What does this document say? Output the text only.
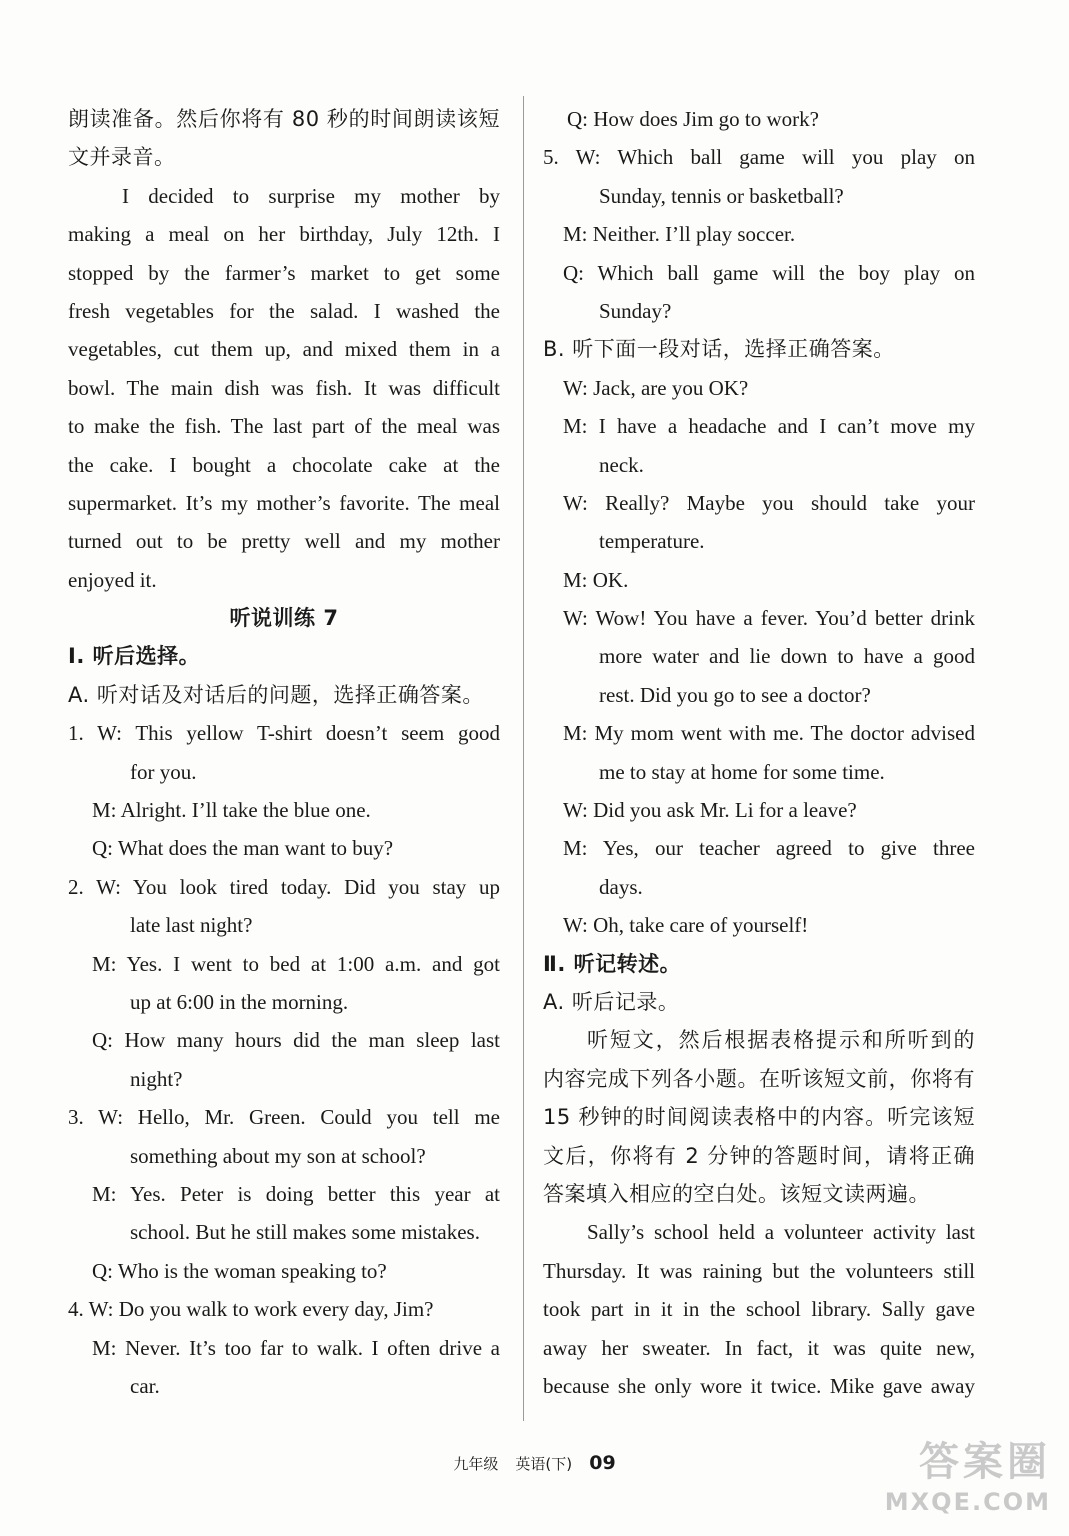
朗读准备。然后你将有 80 秒的时间朗读该短
文并录音。
I decided to surprise my mother by
making a meal on her birthday, July 12th. I
stopped by the farmer’s market to get some
fresh vegetables for the salad. I washed the
vegetables, cut them up, and mixed them in a
bowl. The main dish was fish. It was difficult
to make the fish. The last part of the meal was
the cake. I bought a chocolate cake at the
supermarket. It’s my mother’s favorite. The meal
turned out to be pretty well and my mother
enjoyed it.
听说训练 7
Ⅰ. 听后选择。
A. 听对话及对话后的问题，选择正确答案。
1. W: This yellow T-shirt doesn’t seem good
for you.
M: Alright. I’ll take the blue one.
Q: What does the man want to buy?
2. W: You look tired today. Did you stay up
late last night?
M: Yes. I went to bed at 1:00 a.m. and got
up at 6:00 in the morning.
Q: How many hours did the man sleep last
night?
3. W: Hello, Mr. Green. Could you tell me
something about my son at school?
M: Yes. Peter is doing better this year at
school. But he still makes some mistakes.
Q: Who is the woman speaking to?
4. W: Do you walk to work every day, Jim?
M: Never. It’s too far to walk. I often drive a
car.
Q: How does Jim go to work?
5. W: Which ball game will you play on
Sunday, tennis or basketball?
M: Neither. I’ll play soccer.
Q: Which ball game will the boy play on
Sunday?
B. 听下面一段对话，选择正确答案。
W: Jack, are you OK?
M: I have a headache and I can’t move my
neck.
W: Really? Maybe you should take your
temperature.
M: OK.
W: Wow! You have a fever. You’d better drink
more water and lie down to have a good
rest. Did you go to see a doctor?
M: My mom went with me. The doctor advised
me to stay at home for some time.
W: Did you ask Mr. Li for a leave?
M: Yes, our teacher agreed to give three
days.
W: Oh, take care of yourself!
Ⅱ. 听记转述。
A. 听后记录。
听短文，然后根据表格提示和所听到的
内容完成下列各小题。在听该短文前，你将有
15 秒钟的时间阅读表格中的内容。听完该短
文后，你将有 2 分钟的答题时间，请将正确
答案填入相应的空白处。该短文读两遍。
Sally’s school held a volunteer activity last
Thursday. It was raining but the volunteers still
took part in it in the school library. Sally gave
away her sweater. In fact, it was quite new,
because she only wore it twice. Mike gave away
九年级 英语(下) 09	答案圈
MXQE.COM
